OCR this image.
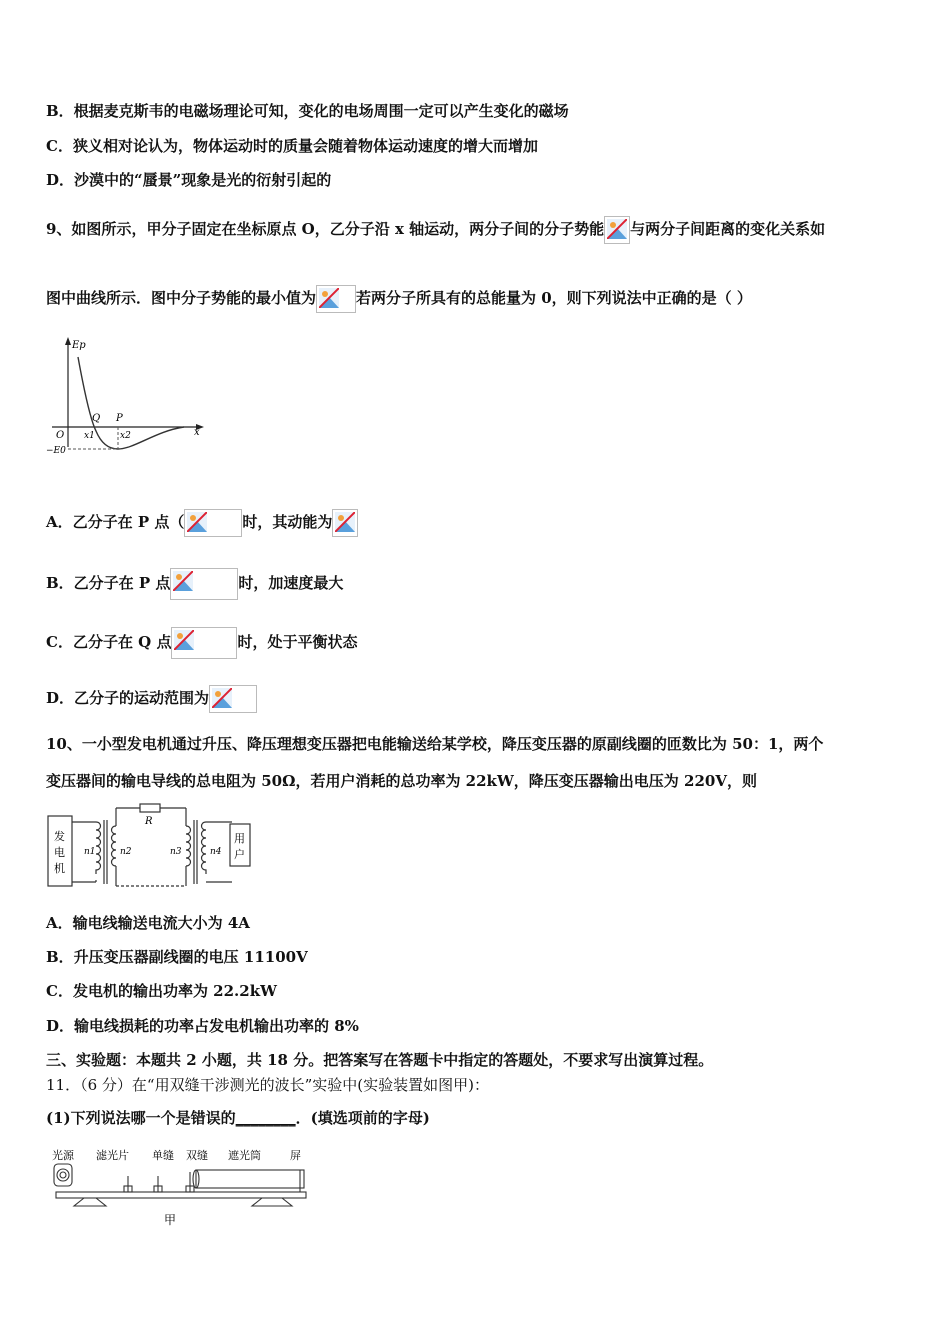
B．根据麦克斯韦的电磁场理论可知，变化的电场周围一定可以产生变化的磁场
C．狭义相对论认为，物体运动时的质量会随着物体运动速度的增大而增加
D．沙漠中的“蜃景”现象是光的衍射引起的
9、如图所示，甲分子固定在坐标原点 O，乙分子沿 x 轴运动，两分子间的分子势能 与两分子间距离的变化关系如
图中曲线所示．图中分子势能的最小值为	若两分子所具有的总能量为 0，则下列说法中正确的是（ ）
Ep
O	x
Q P
x1	x2
−E0
A．乙分子在 P 点（	时，其动能为
B．乙分子在 P 点	时，加速度最大
C．乙分子在 Q 点	时，处于平衡状态
D．乙分子的运动范围为
10、一小型发电机通过升压、降压理想变压器把电能输送给某学校，降压变压器的原副线圈的匝数比为 50：1，两个
变压器间的输电导线的总电阻为 50Ω，若用户消耗的总功率为 22kW，降压变压器输出电压为 220V，则
发
电
机
R
n1	n2	n3	n4
用
户
A．输电线输送电流大小为 4A
B．升压变压器副线圈的电压 11100V
C．发电机的输出功率为 22.2kW
D．输电线损耗的功率占发电机输出功率的 8%
三、实验题：本题共 2 小题，共 18 分。把答案写在答题卡中指定的答题处，不要求写出演算过程。
11．（6 分）在“用双缝干涉测光的波长”实验中(实验装置如图甲)：
(1)下列说法哪一个是错误的________．(填选项前的字母)
光源 滤光片 单缝 双缝 遮光筒	屏
甲
